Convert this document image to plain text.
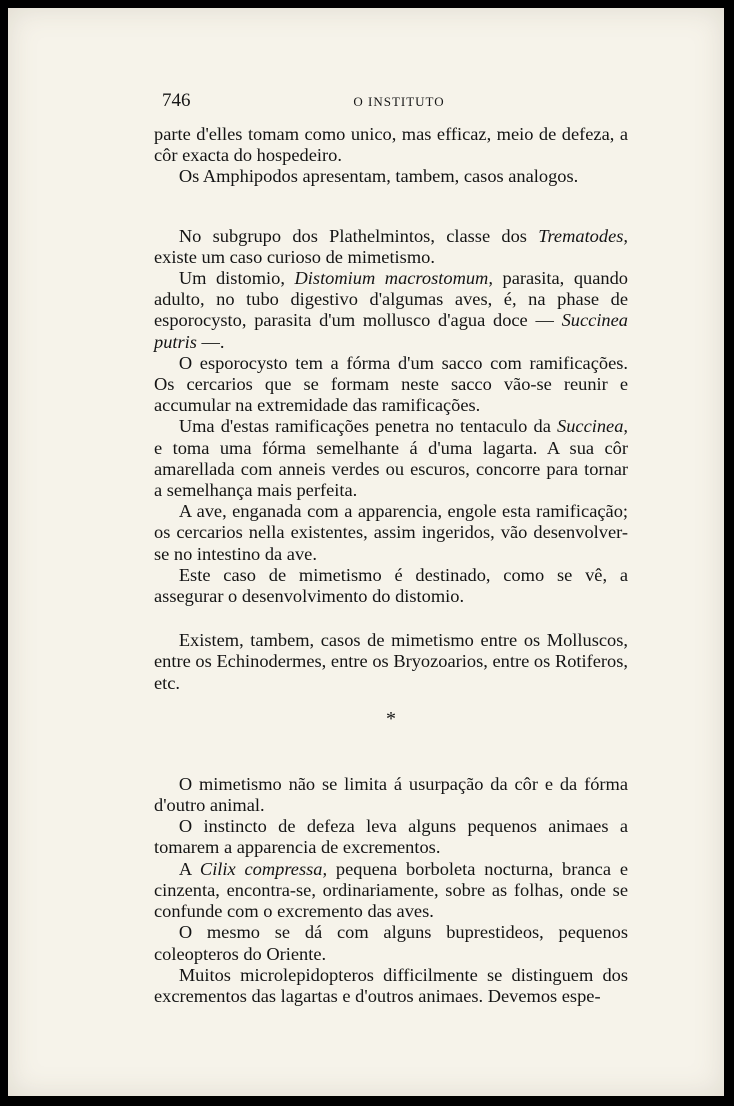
746	O INSTITUTO

parte d'elles tomam como unico, mas efficaz, meio de defeza, a côr exacta do hospedeiro.

Os Amphipodos apresentam, tambem, casos analogos.

No subgrupo dos Plathelmintos, classe dos Trematodes, existe um caso curioso de mimetismo.

Um distomio, Distomium macrostomum, parasita, quando adulto, no tubo digestivo d'algumas aves, é, na phase de esporocysto, parasita d'um mollusco d'agua doce — Succinea putris —.

O esporocysto tem a fórma d'um sacco com ramificações. Os cercarios que se formam neste sacco vão-se reunir e accumular na extremidade das ramificações.

Uma d'estas ramificações penetra no tentaculo da Succinea, e toma uma fórma semelhante á d'uma lagarta. A sua côr amarellada com anneis verdes ou escuros, concorre para tornar a semelhança mais perfeita.

A ave, enganada com a apparencia, engole esta ramificação; os cercarios nella existentes, assim ingeridos, vão desenvolver-se no intestino da ave.

Este caso de mimetismo é destinado, como se vê, a assegurar o desenvolvimento do distomio.

Existem, tambem, casos de mimetismo entre os Molluscos, entre os Echinodermes, entre os Bryozoarios, entre os Rotiferos, etc.

*

O mimetismo não se limita á usurpação da côr e da fórma d'outro animal.

O instincto de defeza leva alguns pequenos animaes a tomarem a apparencia de excrementos.

A Cilix compressa, pequena borboleta nocturna, branca e cinzenta, encontra-se, ordinariamente, sobre as folhas, onde se confunde com o excremento das aves.

O mesmo se dá com alguns buprestideos, pequenos coleopteros do Oriente.

Muitos microlepidopteros difficilmente se distinguem dos excrementos das lagartas e d'outros animaes. Devemos espe-
